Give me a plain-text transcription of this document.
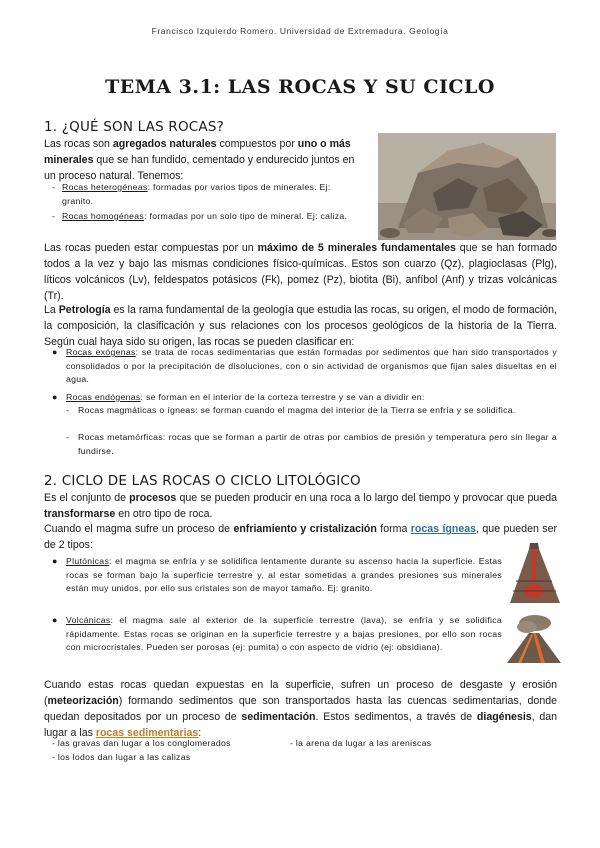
Francisco Izquierdo Romero. Universidad de Extremadura. Geología
TEMA 3.1: LAS ROCAS Y SU CICLO
1. ¿QUÉ SON LAS ROCAS?
Las rocas son agregados naturales compuestos por uno o más minerales que se han fundido, cementado y endurecido juntos en un proceso natural. Tenemos:
- Rocas heterogéneas: formadas por varios tipos de minerales. Ej: granito.
- Rocas homogéneas: formadas por un solo tipo de mineral. Ej: caliza.
Las rocas pueden estar compuestas por un máximo de 5 minerales fundamentales que se han formado todos a la vez y bajo las mismas condiciones físico-químicas. Estos son cuarzo (Qz), plagioclasas (Plg), líticos volcánicos (Lv), feldespatos potásicos (Fk), pomez (Pz), biotita (Bi), anfíbol (Anf) y trizas volcánicas (Tr).
La Petrología es la rama fundamental de la geología que estudia las rocas, su origen, el modo de formación, la composición, la clasificación y sus relaciones con los procesos geológicos de la historia de la Tierra. Según cual haya sido su origen, las rocas se pueden clasificar en:
● Rocas exógenas: se trata de rocas sedimentarias que están formadas por sedimentos que han sido transportados y consolidados o por la precipitación de disoluciones, con o sin actividad de organismos que fijan sales disueltas en el agua.
● Rocas endógenas: se forman en el interior de la corteza terrestre y se van a dividir en:
- Rocas magmáticas o ígneas: se forman cuando el magma del interior de la Tierra se enfría y se solidifica.
- Rocas metamórficas: rocas que se forman a partir de otras por cambios de presión y temperatura pero sin llegar a fundirse.
2. CICLO DE LAS ROCAS O CICLO LITOLÓGICO
Es el conjunto de procesos que se pueden producir en una roca a lo largo del tiempo y provocar que pueda transformarse en otro tipo de roca.
Cuando el magma sufre un proceso de enfriamiento y cristalización forma rocas ígneas, que pueden ser de 2 tipos:
● Plutónicas: el magma se enfría y se solidifica lentamente durante su ascenso hacia la superficie. Estas rocas se forman bajo la superficie terrestre y, al estar sometidas a grandes presiones sus minerales están muy unidos, por ello sus cristales son de mayor tamaño. Ej: granito.
● Volcánicas: el magma sale al exterior de la superficie terrestre (lava), se enfría y se solidifica rápidamente. Estas rocas se originan en la superficie terrestre y a bajas presiones, por ello son rocas con microcristales. Pueden ser porosas (ej: pumita) o con aspecto de vidrio (ej: obsidiana).
Cuando estas rocas quedan expuestas en la superficie, sufren un proceso de desgaste y erosión (meteorización) formando sedimentos que son transportados hasta las cuencas sedimentarias, donde quedan depositados por un proceso de sedimentación. Estos sedimentos, a través de diagénesis, dan lugar a las rocas sedimentarias:
- las gravas dan lugar a los conglomerados	- la arena da lugar a las areniscas
- los lodos dan lugar a las calizas
